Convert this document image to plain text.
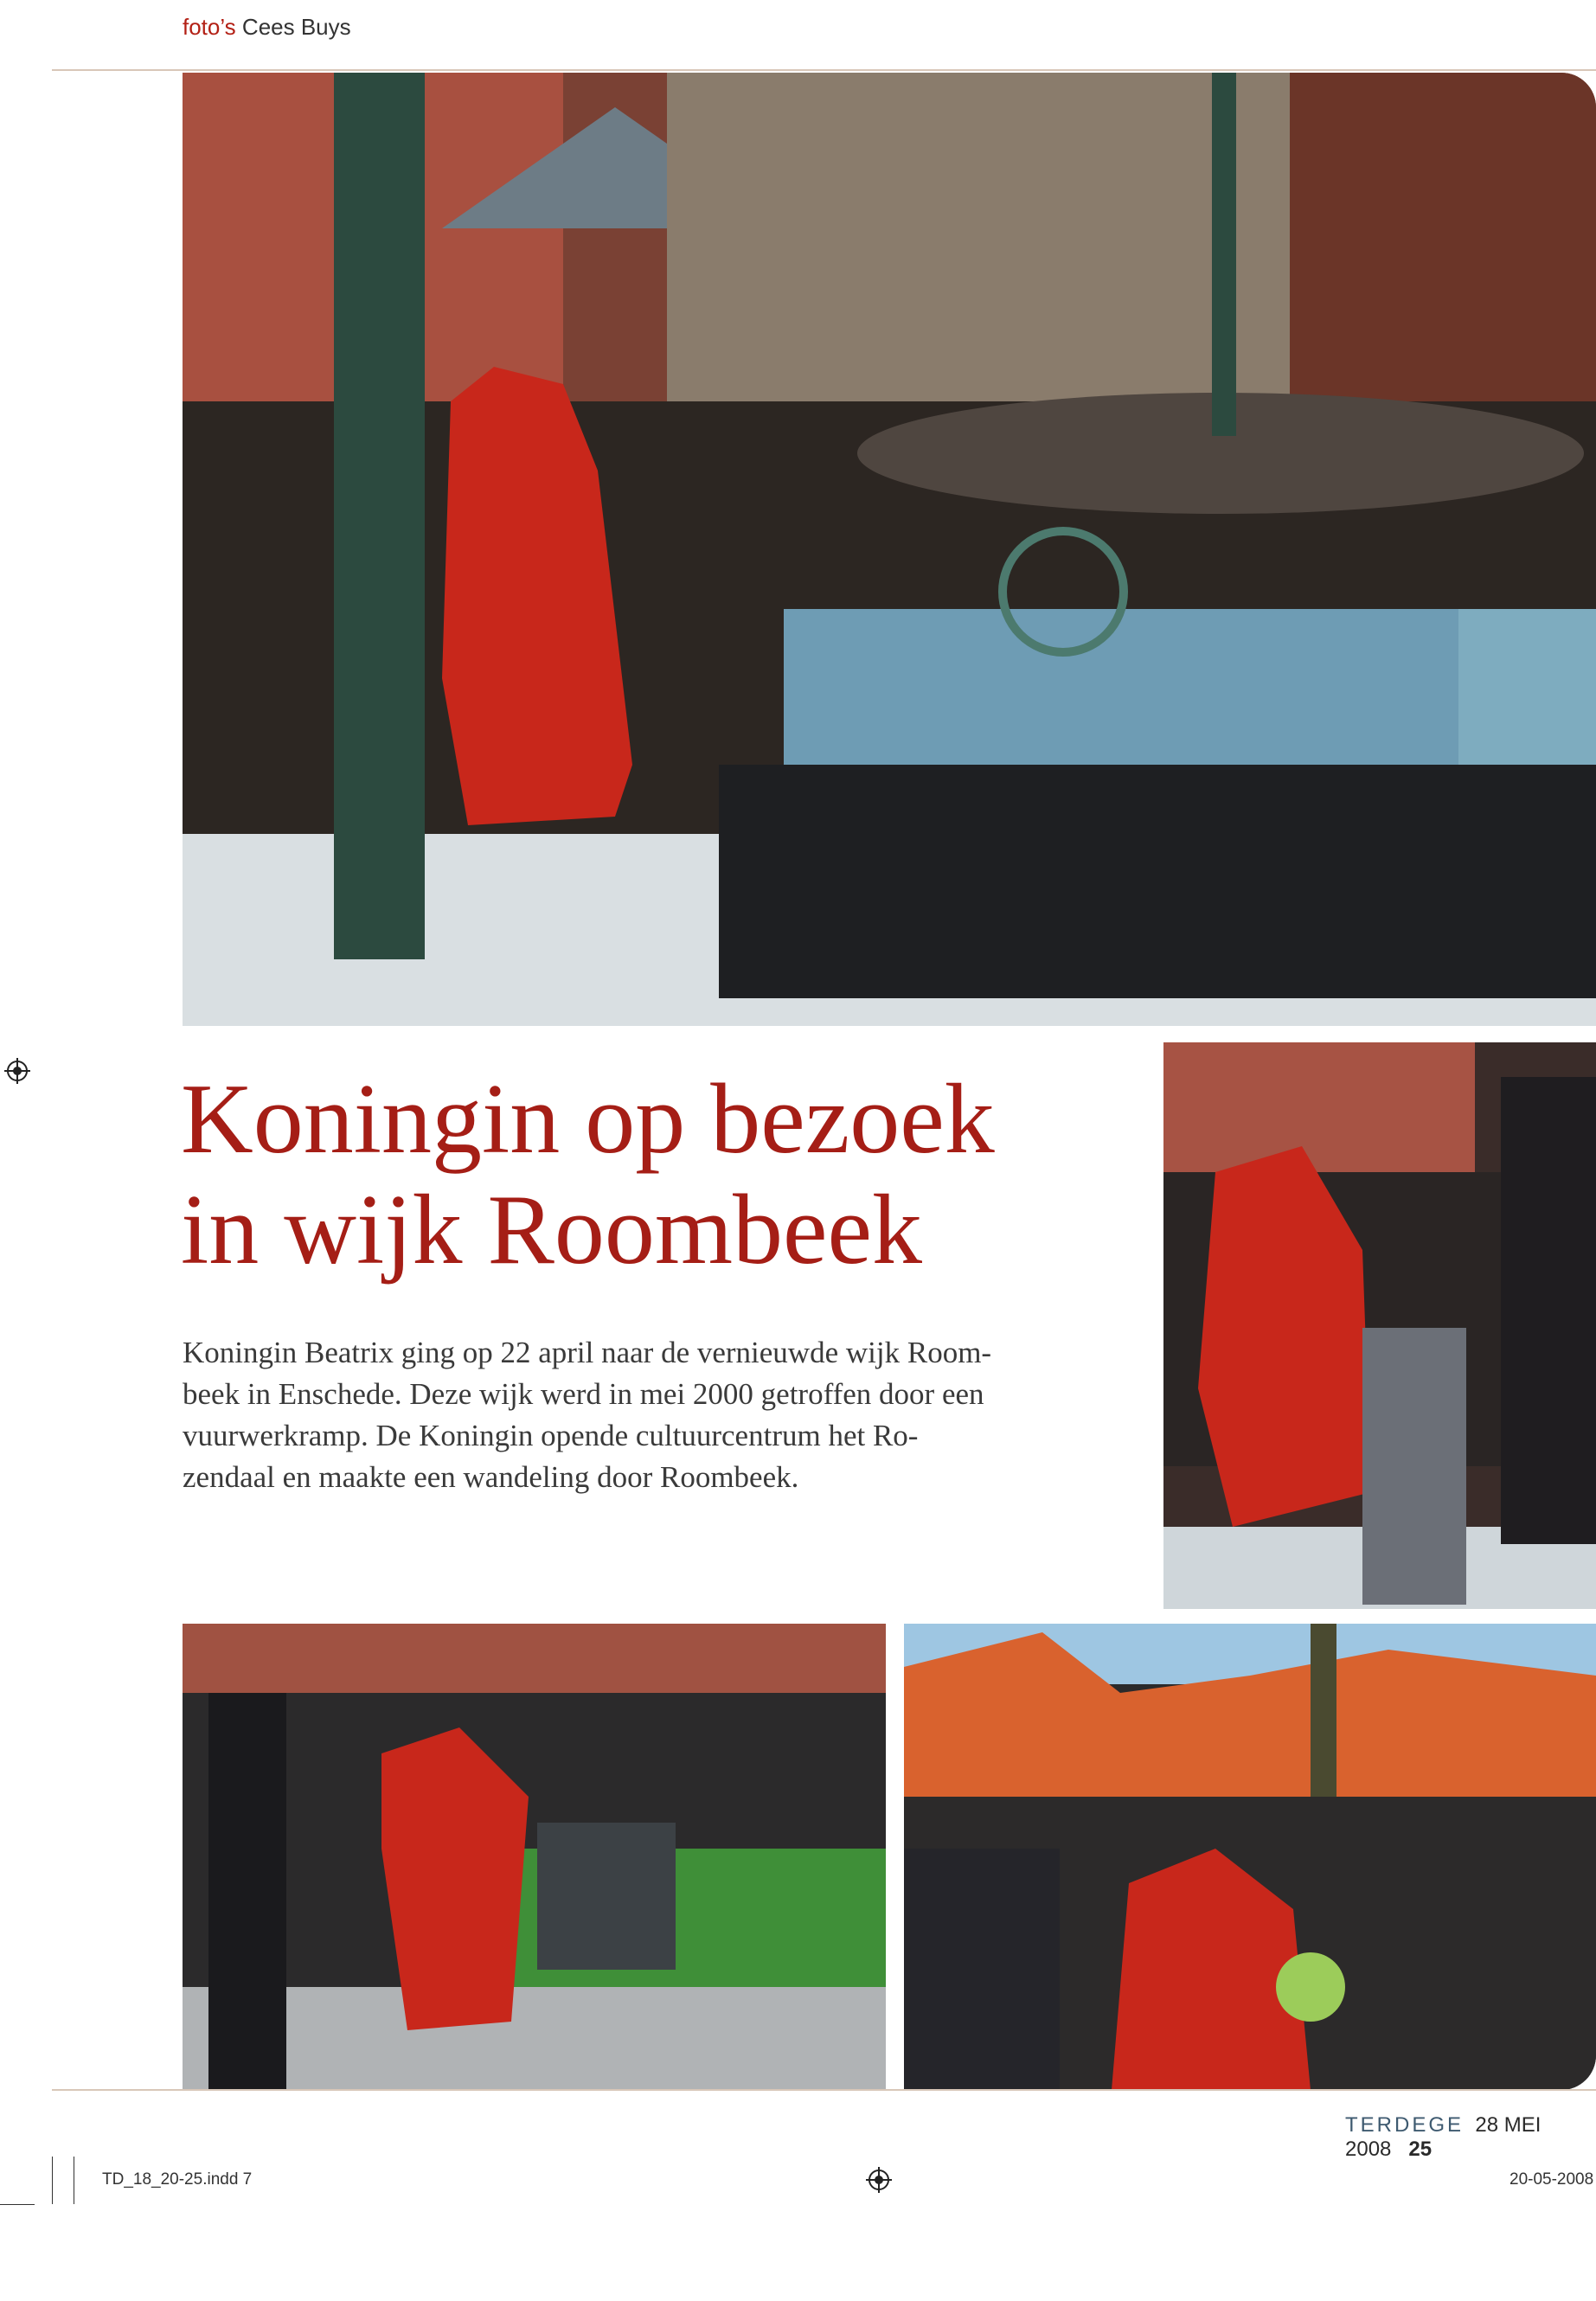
foto’s Cees Buys
Koningin op bezoek
in wijk Roombeek

Koningin Beatrix ging op 22 april naar de vernieuwde wijk Room-
beek in Enschede. Deze wijk werd in mei 2000 getroffen door een
vuurwerkramp. De Koningin opende cultuurcentrum het Ro-
zendaal en maakte een wandeling door Roombeek.

TERDEGE 28 MEI 2008 25
TD_18_20-25.indd 7	20-05-2008
